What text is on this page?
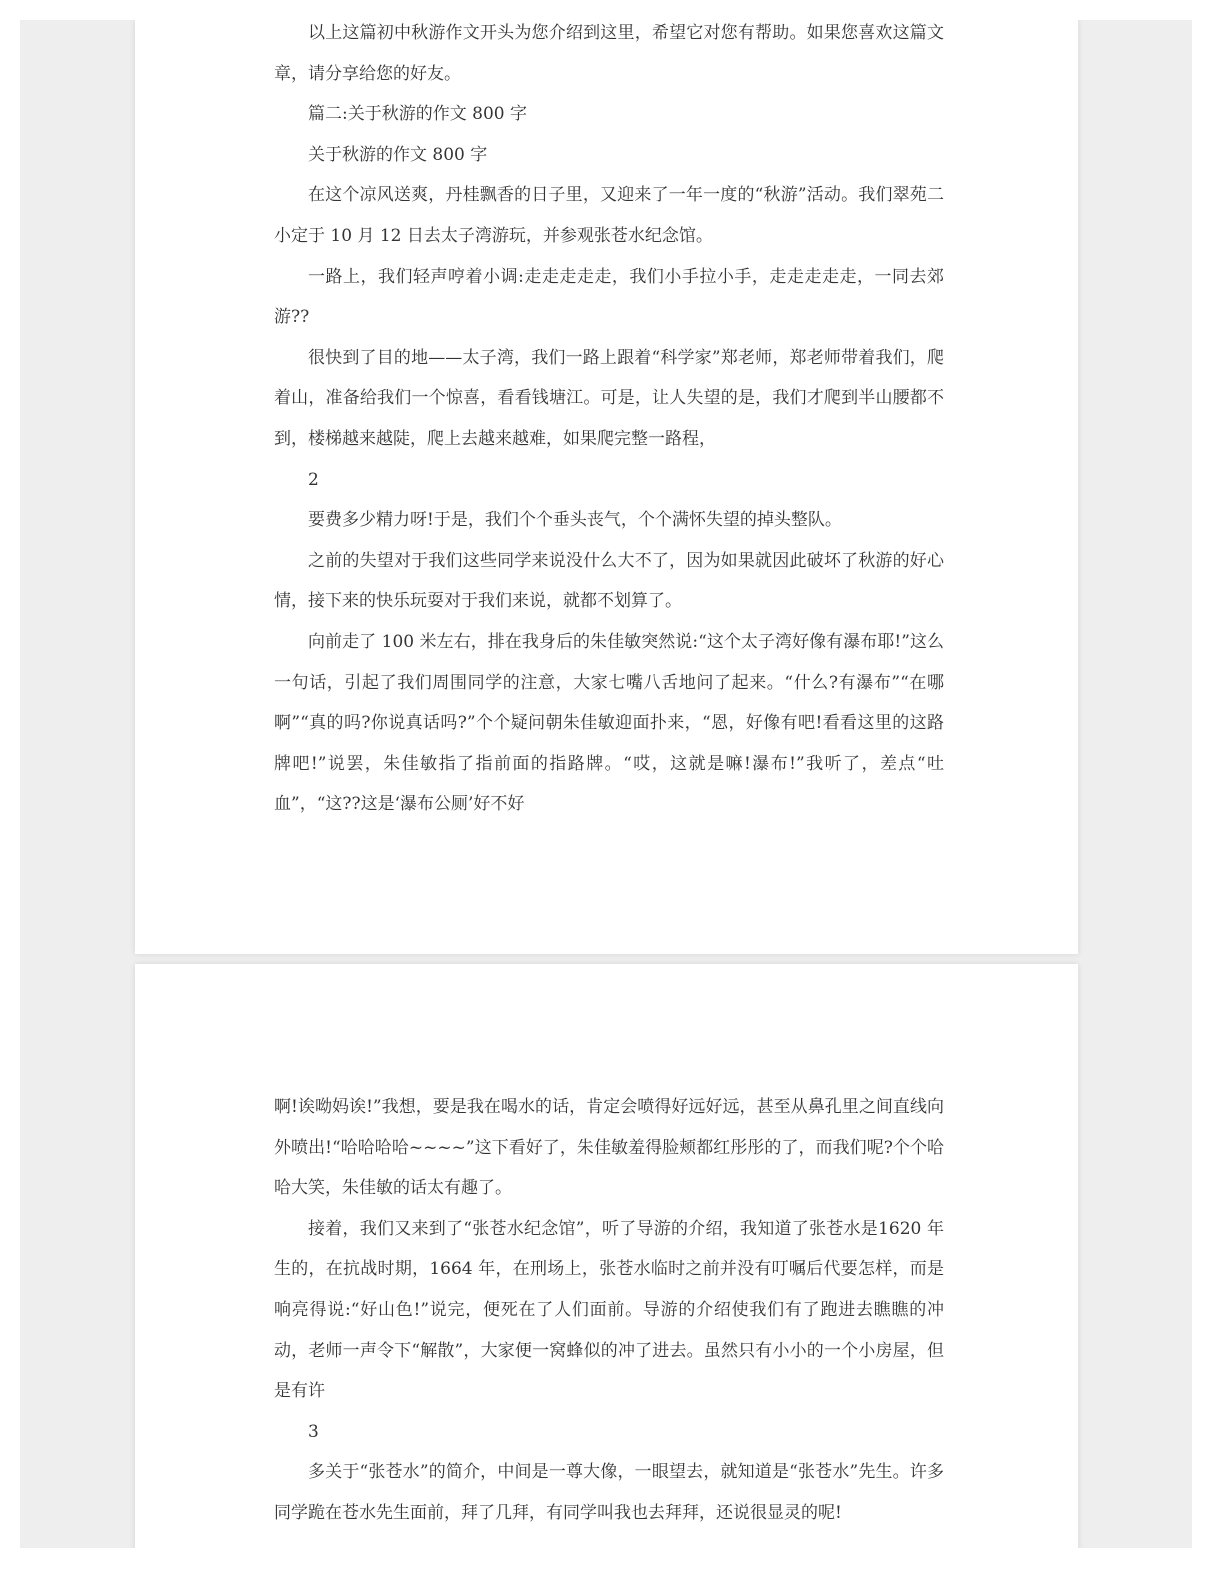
以上这篇初中秋游作文开头为您介绍到这里，希望它对您有帮助。如果您喜欢这篇文章，请分享给您的好友。

篇二:关于秋游的作文 800 字

关于秋游的作文 800 字

在这个凉风送爽，丹桂飘香的日子里，又迎来了一年一度的“秋游”活动。我们翠苑二小定于 10 月 12 日去太子湾游玩，并参观张苍水纪念馆。

一路上，我们轻声哼着小调:走走走走走，我们小手拉小手，走走走走走，一同去郊游??

很快到了目的地——太子湾，我们一路上跟着“科学家”郑老师，郑老师带着我们，爬着山，准备给我们一个惊喜，看看钱塘江。可是，让人失望的是，我们才爬到半山腰都不到，楼梯越来越陡，爬上去越来越难，如果爬完整一路程，

2

要费多少精力呀!于是，我们个个垂头丧气，个个满怀失望的掉头整队。

之前的失望对于我们这些同学来说没什么大不了，因为如果就因此破坏了秋游的好心情，接下来的快乐玩耍对于我们来说，就都不划算了。

向前走了 100 米左右，排在我身后的朱佳敏突然说:“这个太子湾好像有瀑布耶!”这么一句话，引起了我们周围同学的注意，大家七嘴八舌地问了起来。“什么?有瀑布”“在哪啊”“真的吗?你说真话吗?”个个疑问朝朱佳敏迎面扑来，“恩，好像有吧!看看这里的这路牌吧!”说罢，朱佳敏指了指前面的指路牌。“哎，这就是嘛!瀑布!”我听了，差点“吐血”，“这??这是‘瀑布公厕’好不好

啊!诶呦妈诶!”我想，要是我在喝水的话，肯定会喷得好远好远，甚至从鼻孔里之间直线向外喷出!“哈哈哈哈~~~~”这下看好了，朱佳敏羞得脸颊都红彤彤的了，而我们呢?个个哈哈大笑，朱佳敏的话太有趣了。

接着，我们又来到了“张苍水纪念馆”，听了导游的介绍，我知道了张苍水是1620 年生的，在抗战时期，1664 年，在刑场上，张苍水临时之前并没有叮嘱后代要怎样，而是响亮得说:“好山色!”说完，便死在了人们面前。导游的介绍使我们有了跑进去瞧瞧的冲动，老师一声令下“解散”，大家便一窝蜂似的冲了进去。虽然只有小小的一个小房屋，但是有许

3

多关于“张苍水”的简介，中间是一尊大像，一眼望去，就知道是“张苍水”先生。许多同学跪在苍水先生面前，拜了几拜，有同学叫我也去拜拜，还说很显灵的呢!
